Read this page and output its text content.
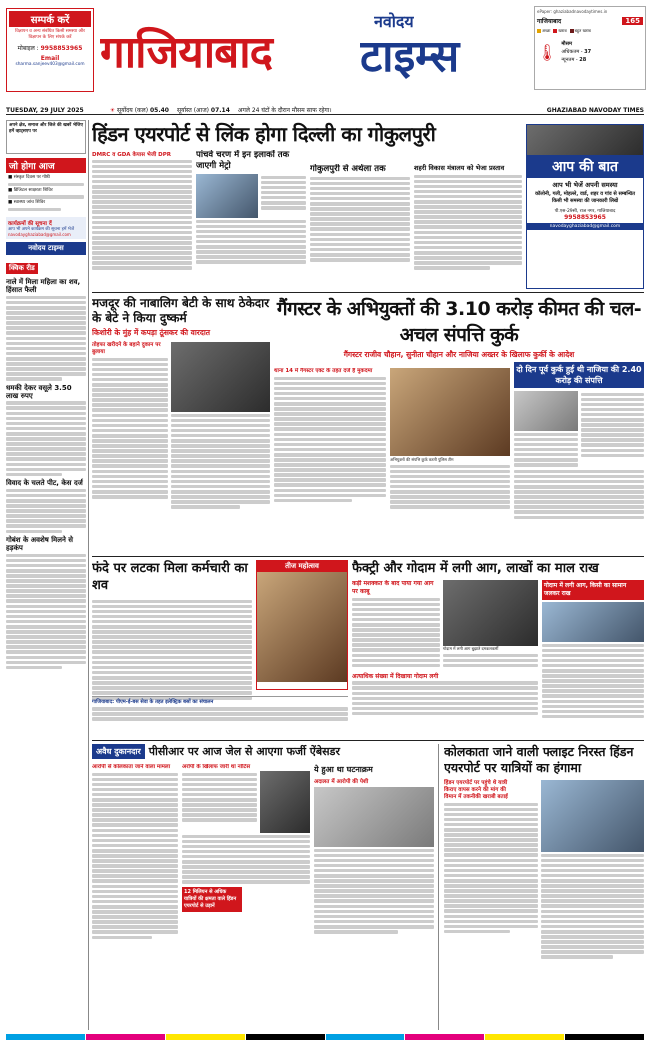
सम्पर्क करें
विज्ञापन व अन्य संबंधित किसी समस्या और विज्ञापन के लिए संपर्क करें
मोबाइल : 9958853965
Email
sharma.sanjeev403@gmail.com
नवोदय
गाजियाबाद	टाइम्स
ePaper: ghaziabadnavodaytimes.in
गाजियाबाद	165
अच्छा खराब बहुत खराब
🌡 मौसम
अधिकतम - 37
न्यूनतम - 28
TUESDAY, 29 JULY 2025	☀ सूर्योदय (कल) 05.40 सूर्यास्त (आज) 07.14 अगले 24 घंटों के दौरान मौसम साफ रहेगा।	GHAZIABAD NAVODAY TIMES
अपने क्षेत्र, समाज और जिले की खबरें भेजिए हमें व्हाट्सएप पर
जो होगा आज
■ संस्कृत दिवस पर गोष्ठी
■ डिजिटल साक्षरता शिविर
■ स्वास्थ्य जांच शिविर
कार्यक्रमों की सूचना दें
आप भी अपने कार्यक्रम की सूचना हमें भेजें
navodayghaziabad@gmail.com
नवोदय टाइम्स
क्विक रीड
नाले में मिला महिला का शव, हिंसात फैली
धमकी देकर वसूले 3.50 लाख रुपए
विवाद के चलते पीट, केस दर्ज
गोबंश के अवशेष मिलने से हड़कंप
हिंडन एयरपोर्ट से लिंक होगा दिल्ली का गोकुलपुरी
DMRC व GDA केपास भेजी DPR	पांचवे चरण में इन इलाकों तक जाएगी मेट्रो	गोकुलपुरी से अर्थला तक	शहरी विकास मंत्रालय को भेजा प्रस्ताव	आप की बात
आप भी भेजें अपनी समस्या
कॉलोनी, गली, मोहल्ले, वार्ड, शहर व गांव से सम्बन्धित किसी भी समस्या की जानकारी लिखें
पी.एस-29सी, राज नगर, गाजियाबाद
9958853965
navodayghaziabad@gmail.com
मजदूर की नाबालिग बेटी के साथ ठेकेदार के बेटे ने किया दुष्कर्म
किशोरी के मुंह में कपड़ा ठूंसकर की वारदात
तोहफा खरीदने के बहाने दुकान पर बुलाया
गैंगस्टर के अभियुक्तों की 3.10 करोड़ कीमत की चल-अचल संपत्ति कुर्क
गैंगस्टर राजीव चौहान, सुनीता चौहान और नाजिया अख्तर के खिलाफ कुर्की के आदेश
थाना 14 में गैंगस्टर एक्ट के तहत दर्ज है मुकदमा
अभियुक्तों की संपत्ति कुर्क करती पुलिस टीम
दो दिन पूर्व कुर्क हुई थी नाजिया की 2.40 करोड़ की संपत्ति
फंदे पर लटका मिला कर्मचारी का शव
तीज महोत्सव
गाजियाबाद: पीएम-ई-बस सेवा के तहत इलेक्ट्रिक बसों का संचालन
फैक्ट्री और गोदाम में लगी आग, लाखों का माल राख
कड़ी मशक्कत के बाद पाया गया आग पर काबू
गोदाम में लगी आग बुझाते दमकलकर्मी
अत्याधिक संख्या में दिखाया गोदाम लगी
गोदाम में लगी आग, किसी का सामान जलकर राख
अवैध दुकानदार पीसीआर पर आज जेल से आएगा फर्जी ऐंबेसडर
आरोपी से कोलकाता जाने वाला मामला	अरोपी के खिलाफ जारी था नोटिस
12 मिलियन से अधिक यात्रियों की क्षमता वाले हिंडन एयरपोर्ट से उड़ानें
ये हुआ था घटनाक्रम
अदालत में आरोपी की पेशी
कोलकाता जाने वाली फ्लाइट निरस्त हिंडन एयरपोर्ट पर यात्रियों का हंगामा
हिंडन एयरपोर्ट पर पहुंचे थे यात्री
किराए वापस करने की मांग की
विमान में तकनीकी खराबी बताई
